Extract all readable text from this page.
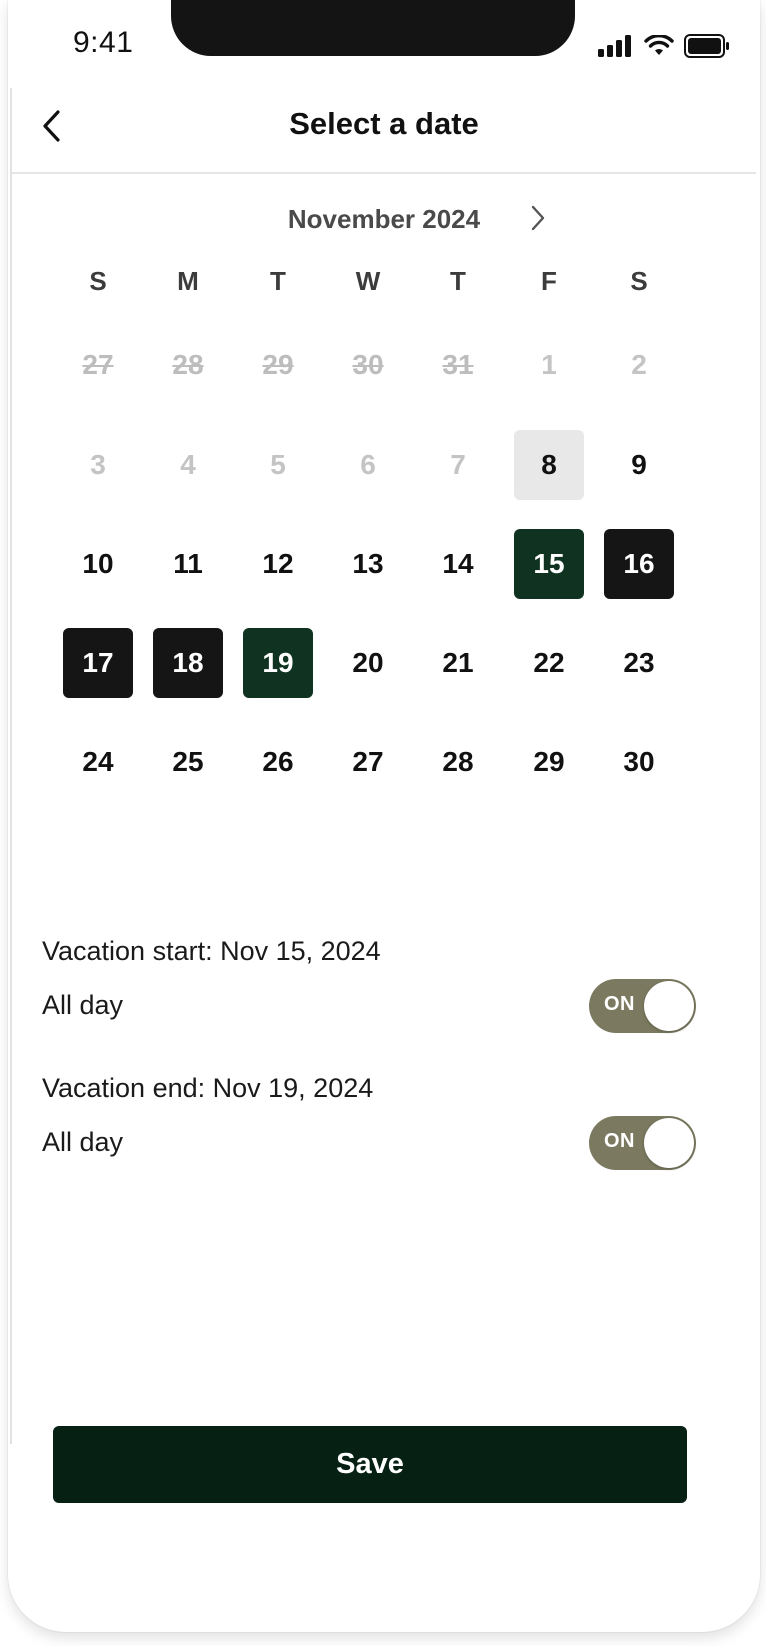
9:41
Select a date
November 2024
S	M	T	W	T	F	S
27	28	29	30	31	1	2
3	4	5	6	7	8	9
10	11	12	13	14	15	16
17	18	19	20	21	22	23
24	25	26	27	28	29	30
Vacation start: Nov 15, 2024
All day	ON
Vacation end: Nov 19, 2024
All day	ON
Save
